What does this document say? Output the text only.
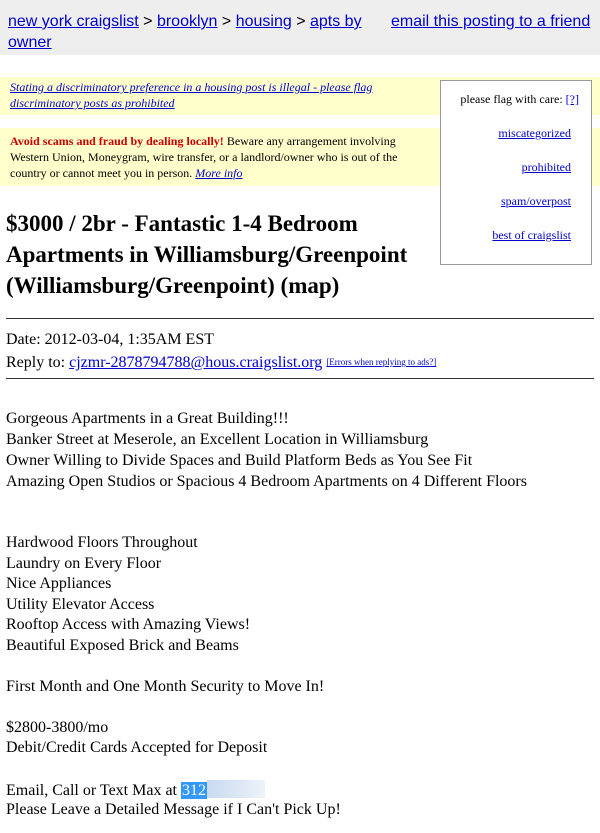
new york craigslist > brooklyn > housing > apts by email this posting to a friend
owner
Stating a discriminatory preference in a housing post is illegal - please flag discriminatory posts as prohibited
Avoid scams and fraud by dealing locally! Beware any arrangement involving Western Union, Moneygram, wire transfer, or a landlord/owner who is out of the country or cannot meet you in person. More info
please flag with care: [?]
miscategorized
prohibited
spam/overpost
best of craigslist
$3000 / 2br - Fantastic 1-4 Bedroom Apartments in Williamsburg/Greenpoint (Williamsburg/Greenpoint) (map)
Date: 2012-03-04, 1:35AM EST
Reply to: cjzmr-2878794788@hous.craigslist.org [Errors when replying to ads?]
Gorgeous Apartments in a Great Building!!!
Banker Street at Meserole, an Excellent Location in Williamsburg
Owner Willing to Divide Spaces and Build Platform Beds as You See Fit
Amazing Open Studios or Spacious 4 Bedroom Apartments on 4 Different Floors
Hardwood Floors Throughout
Laundry on Every Floor
Nice Appliances
Utility Elevator Access
Rooftop Access with Amazing Views!
Beautiful Exposed Brick and Beams
First Month and One Month Security to Move In!
$2800-3800/mo
Debit/Credit Cards Accepted for Deposit
Email, Call or Text Max at 312
Please Leave a Detailed Message if I Can't Pick Up!
